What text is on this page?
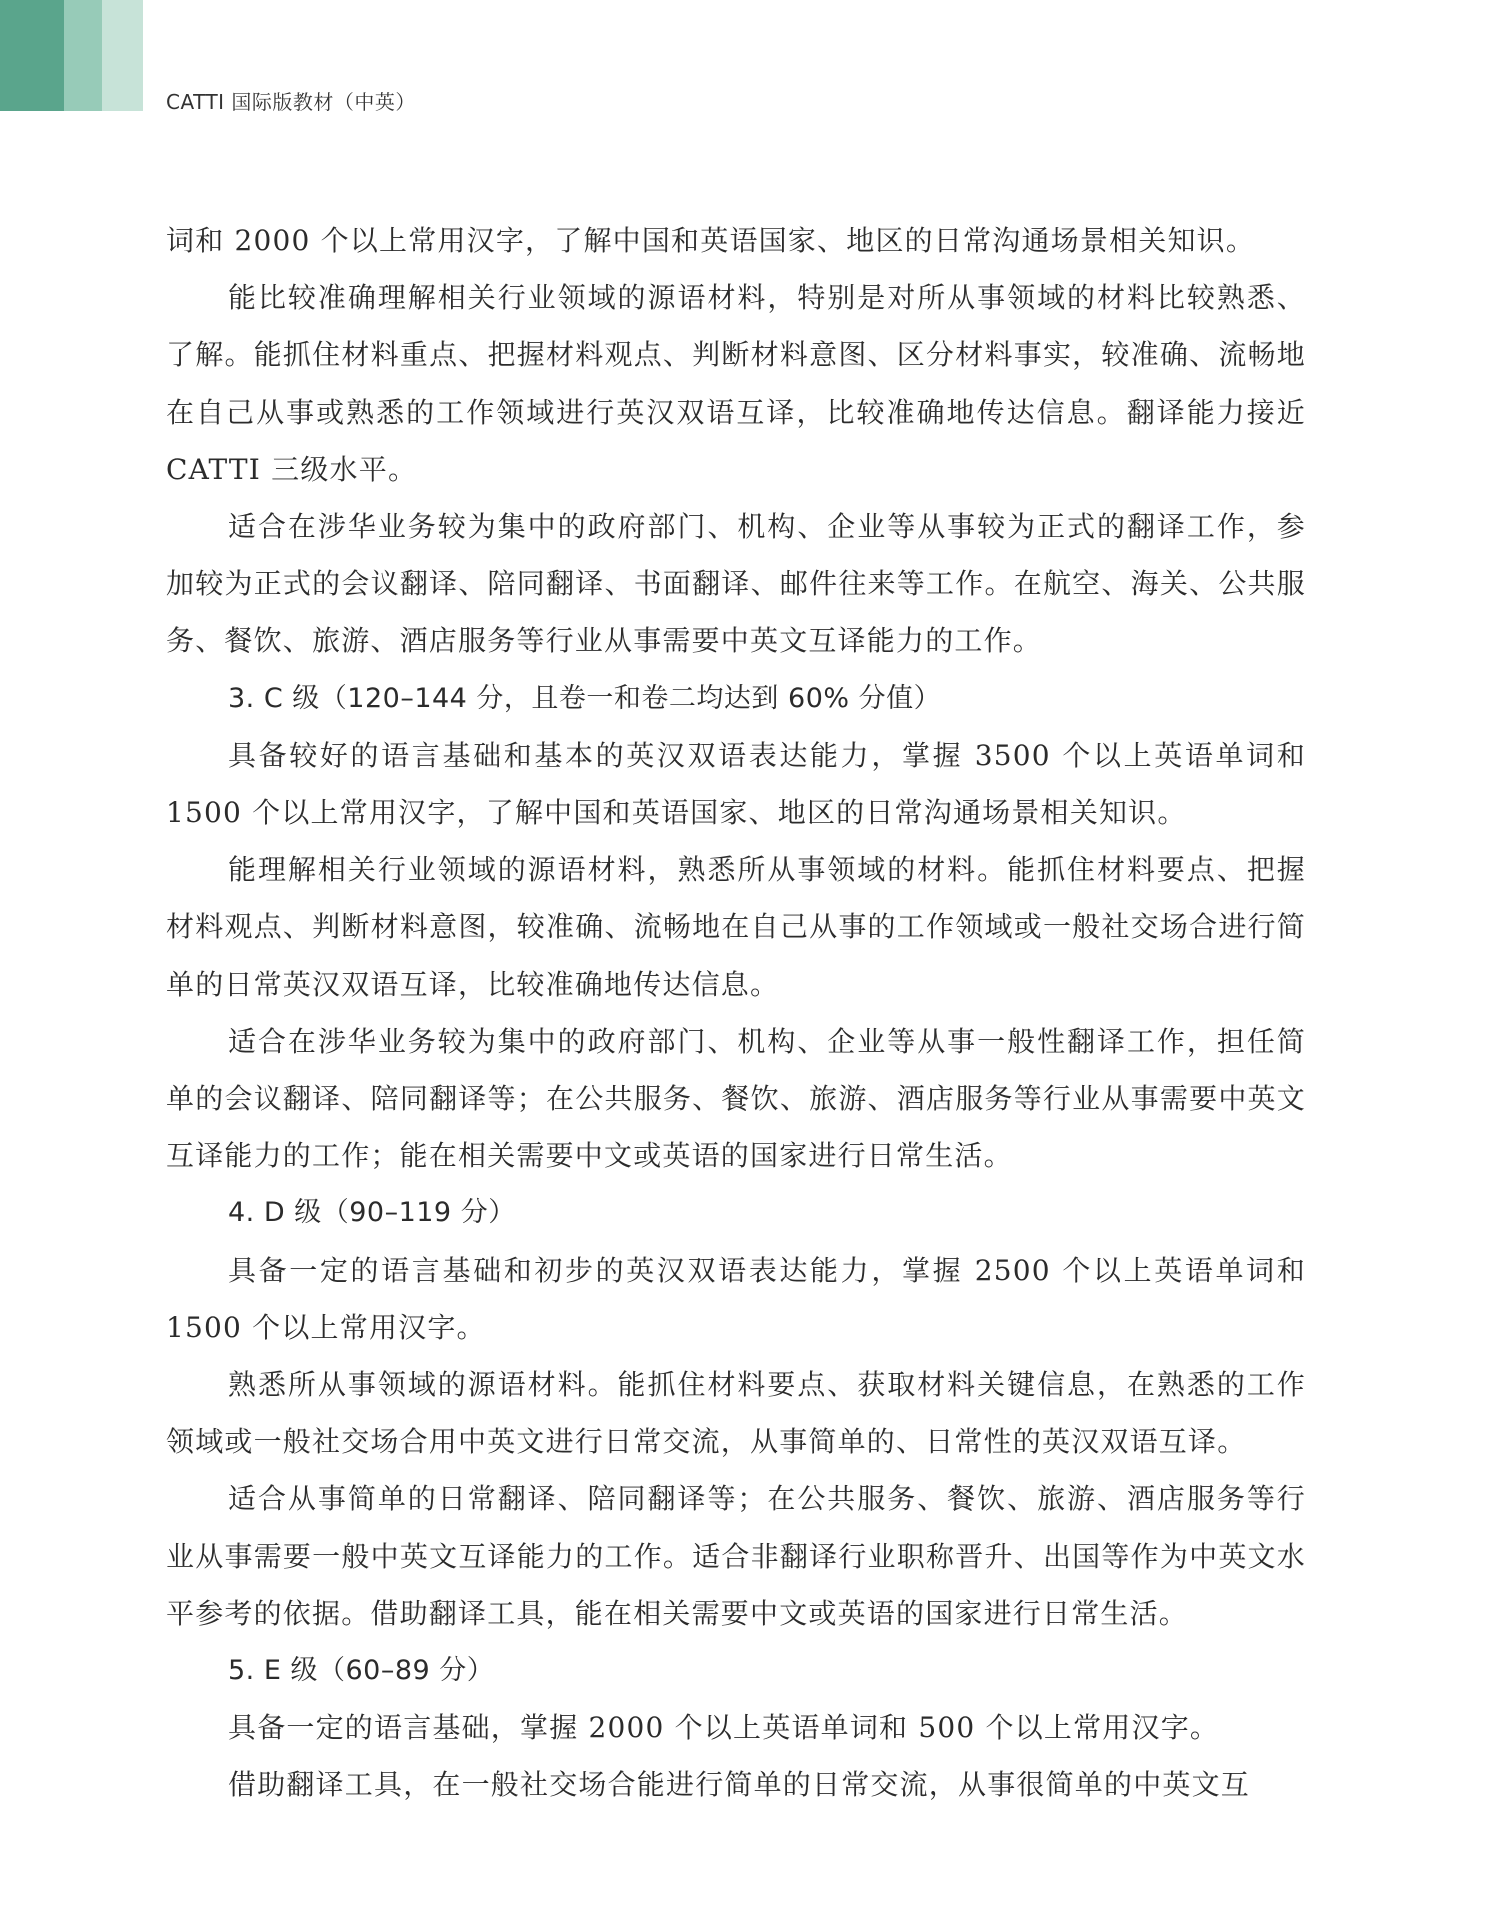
CATTI 国际版教材（中英）

词和 2000 个以上常用汉字，了解中国和英语国家、地区的日常沟通场景相关知识。

能比较准确理解相关行业领域的源语材料，特别是对所从事领域的材料比较熟悉、了解。能抓住材料重点、把握材料观点、判断材料意图、区分材料事实，较准确、流畅地在自己从事或熟悉的工作领域进行英汉双语互译，比较准确地传达信息。翻译能力接近 CATTI 三级水平。

适合在涉华业务较为集中的政府部门、机构、企业等从事较为正式的翻译工作，参加较为正式的会议翻译、陪同翻译、书面翻译、邮件往来等工作。在航空、海关、公共服务、餐饮、旅游、酒店服务等行业从事需要中英文互译能力的工作。

3. C 级（120–144 分，且卷一和卷二均达到 60% 分值）

具备较好的语言基础和基本的英汉双语表达能力，掌握 3500 个以上英语单词和 1500 个以上常用汉字，了解中国和英语国家、地区的日常沟通场景相关知识。

能理解相关行业领域的源语材料，熟悉所从事领域的材料。能抓住材料要点、把握材料观点、判断材料意图，较准确、流畅地在自己从事的工作领域或一般社交场合进行简单的日常英汉双语互译，比较准确地传达信息。

适合在涉华业务较为集中的政府部门、机构、企业等从事一般性翻译工作，担任简单的会议翻译、陪同翻译等；在公共服务、餐饮、旅游、酒店服务等行业从事需要中英文互译能力的工作；能在相关需要中文或英语的国家进行日常生活。

4. D 级（90–119 分）

具备一定的语言基础和初步的英汉双语表达能力，掌握 2500 个以上英语单词和 1500 个以上常用汉字。

熟悉所从事领域的源语材料。能抓住材料要点、获取材料关键信息，在熟悉的工作领域或一般社交场合用中英文进行日常交流，从事简单的、日常性的英汉双语互译。

适合从事简单的日常翻译、陪同翻译等；在公共服务、餐饮、旅游、酒店服务等行业从事需要一般中英文互译能力的工作。适合非翻译行业职称晋升、出国等作为中英文水平参考的依据。借助翻译工具，能在相关需要中文或英语的国家进行日常生活。

5. E 级（60–89 分）

具备一定的语言基础，掌握 2000 个以上英语单词和 500 个以上常用汉字。

借助翻译工具，在一般社交场合能进行简单的日常交流，从事很简单的中英文互
